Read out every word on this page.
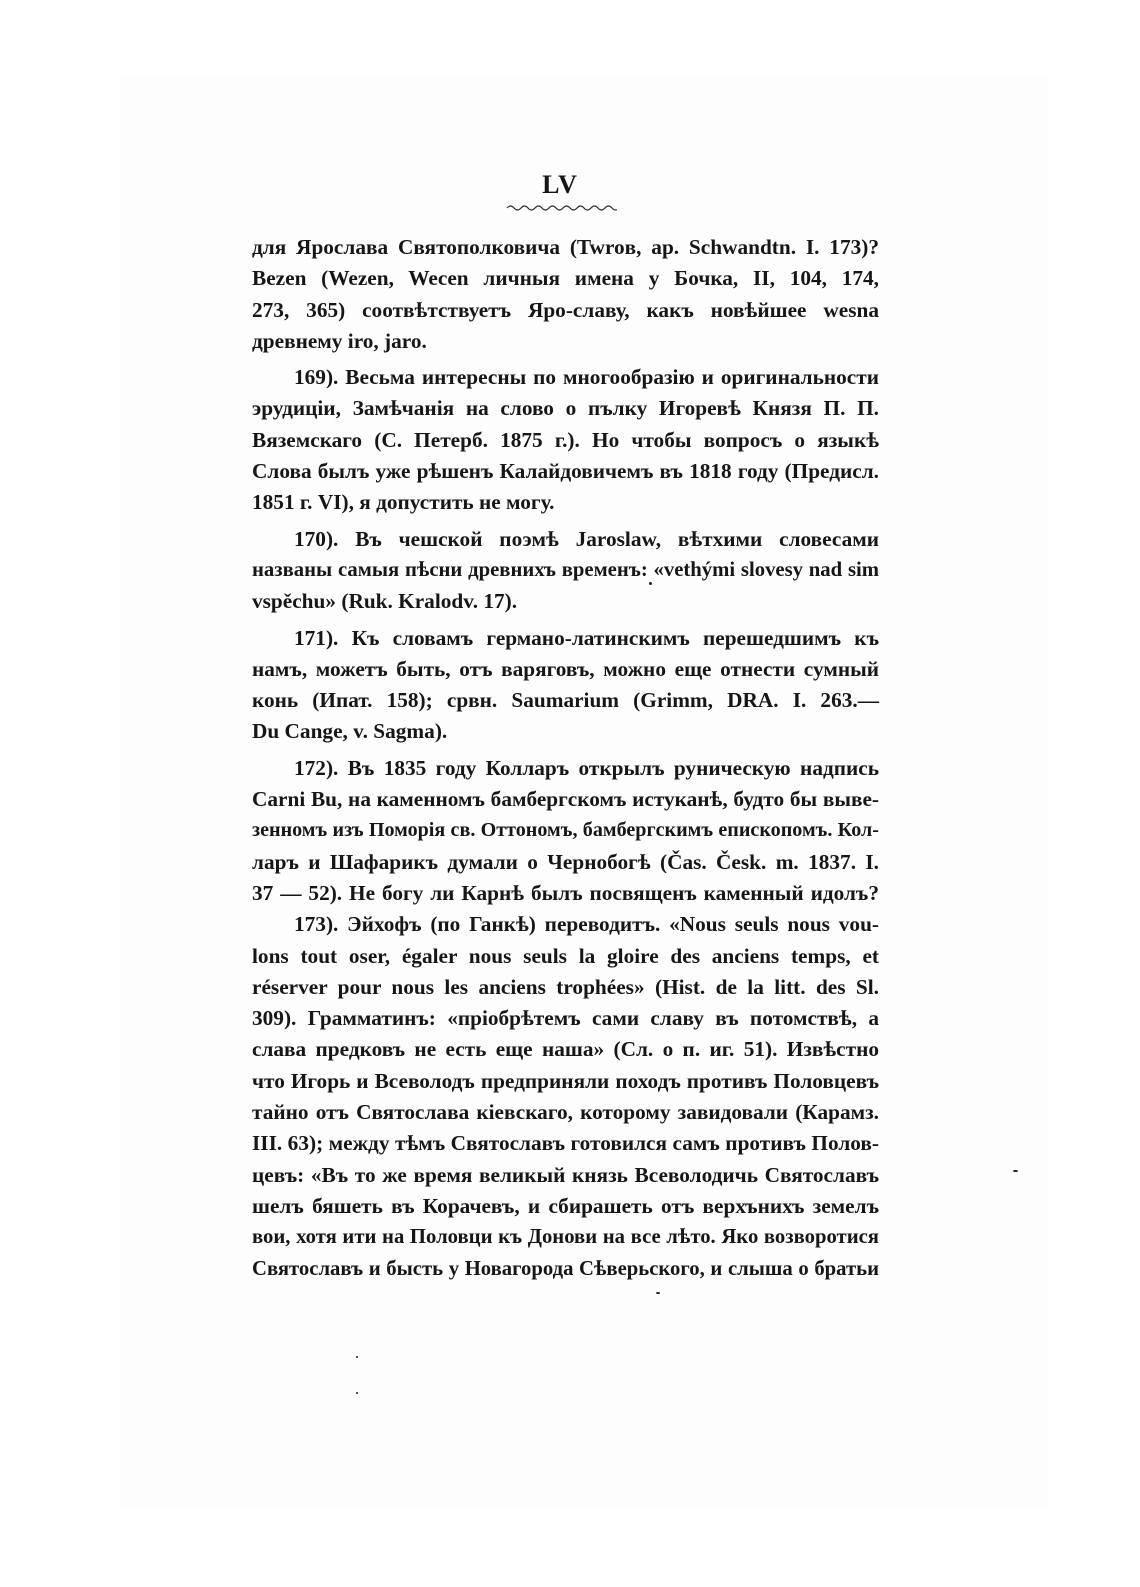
LV
для Ярослава Святополковича (Twroв, ap. Schwandtn. I. 173)?
Bezen (Wezen, Wecen личныя имена у Бочка, II, 104, 174,
273, 365) соотвѣтствуетъ Яро-славу, какъ новѣйшее wesna
древнему iro, jaro.
169). Весьма интересны по многообразію и оригинальности
эрудиціи, Замѣчанія на слово о пълку Игоревѣ Князя П. П.
Вяземскаго (С. Петерб. 1875 г.). Но чтобы вопросъ о языкѣ
Слова былъ уже рѣшенъ Калайдовичемъ въ 1818 году (Предисл.
1851 г. VI), я допустить не могу.
170). Въ чешской поэмѣ Jaroslaw, вѣтхими словесами
названы самыя пѣсни древнихъ временъ: «vetһými slovesy nad sim
vspěchu» (Ruk. Kralodv. 17).
171). Къ словамъ германо-латинскимъ перешедшимъ къ
намъ, можетъ быть, отъ варяговъ, можно еще отнести сумный
конь (Ипат. 158); срвн. Saumarium (Grimm, DRA. I. 263.—
Du Cange, v. Sagma).
172). Въ 1835 году Колларъ открылъ руническую надпись
Carni Bu, на каменномъ бамбергскомъ истуканѣ, будто бы выве-
зенномъ изъ Поморія св. Оттономъ, бамбергскимъ епископомъ. Кол-
ларъ и Шафарикъ думали о Чернобогѣ (Čas. Česk. m. 1837. I.
37 — 52). Не богу ли Карнѣ былъ посвященъ каменный идолъ?
173). Эйхофъ (по Ганкѣ) переводитъ. «Nous seuls nous vou-
lons tout oser, égaler nous seuls la gloire des anciens temps, et
réserver pour nous les anciens trophées» (Hist. de la litt. des Sl.
309). Грамматинъ: «пріобрѣтемъ сами славу въ потомствѣ, а
слава предковъ не есть еще наша» (Сл. о п. иг. 51). Извѣстно
что Игорь и Всеволодъ предприняли походъ противъ Половцевъ
тайно отъ Святослава кіевскаго, которому завидовали (Карамз.
III. 63); между тѣмъ Святославъ готовился самъ противъ Полов-
цевъ: «Въ то же время великый князь Всеволодичь Святославъ
шелъ бяшеть въ Корачевъ, и сбирашеть отъ верхънихъ земелъ
вои, хотя ити на Половци къ Донови на все лѣто. Яко возворотися
Святославъ и бысть у Новагорода Сѣверьского, и слыша о братьи
